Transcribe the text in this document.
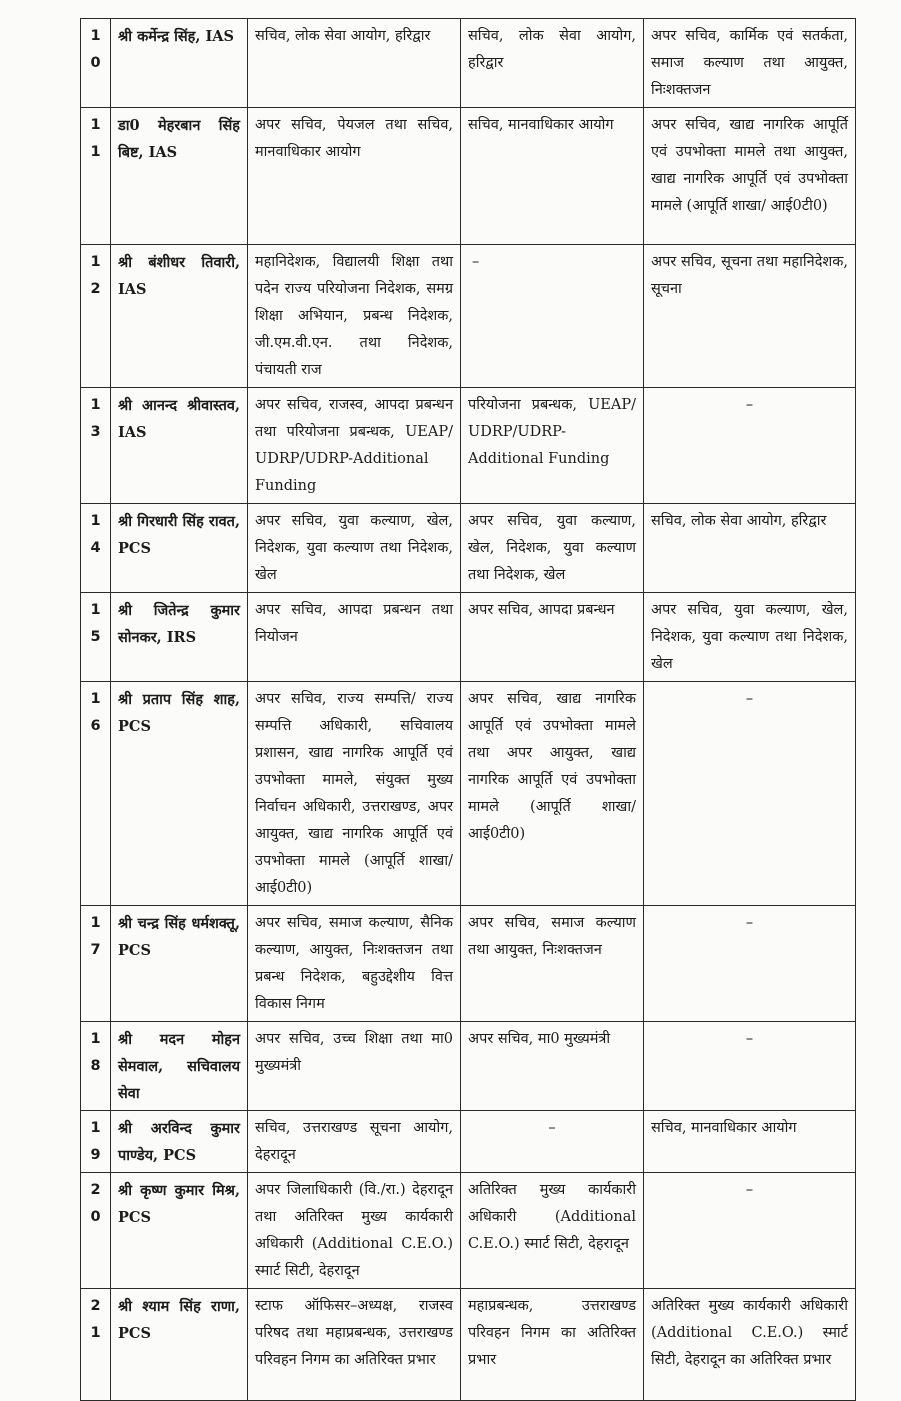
10	श्री कर्मेन्द्र सिंह, IAS	सचिव, लोक सेवा आयोग, हरिद्वार	सचिव, लोक सेवा आयोग, हरिद्वार	अपर सचिव, कार्मिक एवं सतर्कता, समाज कल्याण तथा आयुक्त, निःशक्तजन
11	डा0 मेहरबान सिंह बिष्ट, IAS	अपर सचिव, पेयजल तथा सचिव, मानवाधिकार आयोग	सचिव, मानवाधिकार आयोग	अपर सचिव, खाद्य नागरिक आपूर्ति एवं उपभोक्ता मामले तथा आयुक्त, खाद्य नागरिक आपूर्ति एवं उपभोक्ता मामले (आपूर्ति शाखा/ आई0टी0)
12	श्री बंशीधर तिवारी, IAS	महानिदेशक, विद्यालयी शिक्षा तथा पदेन राज्य परियोजना निदेशक, समग्र शिक्षा अभियान, प्रबन्ध निदेशक, जी.एम.वी.एन. तथा निदेशक, पंचायती राज	–	अपर सचिव, सूचना तथा महानिदेशक, सूचना
13	श्री आनन्द श्रीवास्तव, IAS	अपर सचिव, राजस्व, आपदा प्रबन्धन तथा परियोजना प्रबन्धक, UEAP/ UDRP/UDRP-Additional Funding	परियोजना प्रबन्धक, UEAP/ UDRP/UDRP-Additional Funding	–
14	श्री गिरधारी सिंह रावत, PCS	अपर सचिव, युवा कल्याण, खेल, निदेशक, युवा कल्याण तथा निदेशक, खेल	अपर सचिव, युवा कल्याण, खेल, निदेशक, युवा कल्याण तथा निदेशक, खेल	सचिव, लोक सेवा आयोग, हरिद्वार
15	श्री जितेन्द्र कुमार सोनकर, IRS	अपर सचिव, आपदा प्रबन्धन तथा नियोजन	अपर सचिव, आपदा प्रबन्धन	अपर सचिव, युवा कल्याण, खेल, निदेशक, युवा कल्याण तथा निदेशक, खेल
16	श्री प्रताप सिंह शाह, PCS	अपर सचिव, राज्य सम्पत्ति/ राज्य सम्पत्ति अधिकारी, सचिवालय प्रशासन, खाद्य नागरिक आपूर्ति एवं उपभोक्ता मामले, संयुक्त मुख्य निर्वाचन अधिकारी, उत्तराखण्ड, अपर आयुक्त, खाद्य नागरिक आपूर्ति एवं उपभोक्ता मामले (आपूर्ति शाखा/आई0टी0)	अपर सचिव, खाद्य नागरिक आपूर्ति एवं उपभोक्ता मामले तथा अपर आयुक्त, खाद्य नागरिक आपूर्ति एवं उपभोक्ता मामले (आपूर्ति शाखा/ आई0टी0)	–
17	श्री चन्द्र सिंह धर्मशक्तू, PCS	अपर सचिव, समाज कल्याण, सैनिक कल्याण, आयुक्त, निःशक्तजन तथा प्रबन्ध निदेशक, बहुउद्देशीय वित्त विकास निगम	अपर सचिव, समाज कल्याण तथा आयुक्त, निःशक्तजन	–
18	श्री मदन मोहन सेमवाल, सचिवालय सेवा	अपर सचिव, उच्च शिक्षा तथा मा0 मुख्यमंत्री	अपर सचिव, मा0 मुख्यमंत्री	–
19	श्री अरविन्द कुमार पाण्डेय, PCS	सचिव, उत्तराखण्ड सूचना आयोग, देहरादून	–	सचिव, मानवाधिकार आयोग
20	श्री कृष्ण कुमार मिश्र, PCS	अपर जिलाधिकारी (वि./रा.) देहरादून तथा अतिरिक्त मुख्य कार्यकारी अधिकारी (Additional C.E.O.) स्मार्ट सिटी, देहरादून	अतिरिक्त मुख्य कार्यकारी अधिकारी (Additional C.E.O.) स्मार्ट सिटी, देहरादून	–
21	श्री श्याम सिंह राणा, PCS	स्टाफ ऑफिसर–अध्यक्ष, राजस्व परिषद तथा महाप्रबन्धक, उत्तराखण्ड परिवहन निगम का अतिरिक्त प्रभार	महाप्रबन्धक, उत्तराखण्ड परिवहन निगम का अतिरिक्त प्रभार	अतिरिक्त मुख्य कार्यकारी अधिकारी (Additional C.E.O.) स्मार्ट सिटी, देहरादून का अतिरिक्त प्रभार
